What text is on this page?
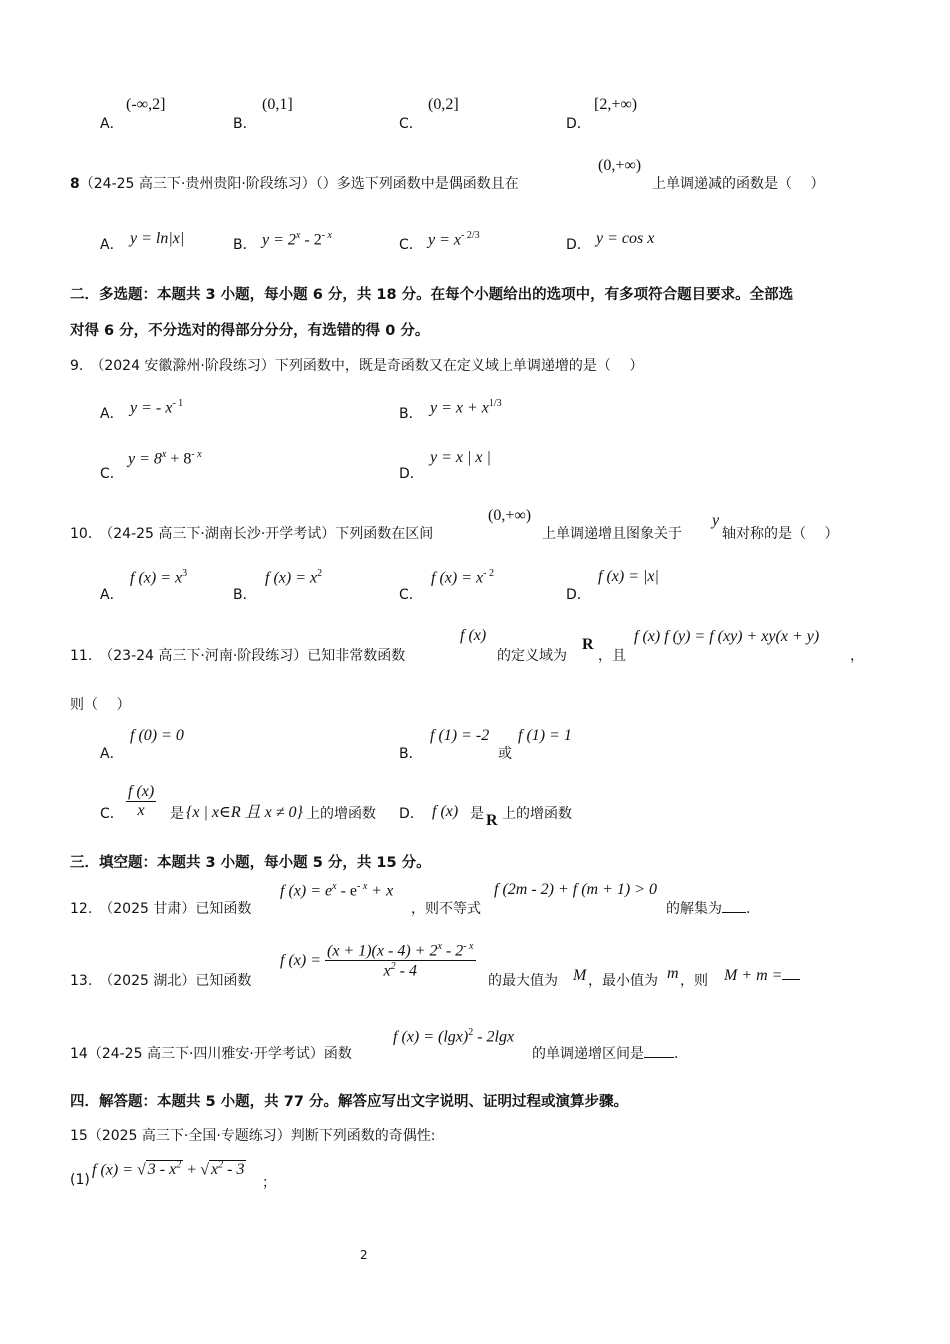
A．
(-∞,2]
B．
(0,1]
C．
(0,2]
D．
[2,+∞)
8（24-25 高三下·贵州贵阳·阶段练习）（）多选下列函数中是偶函数且在
(0,+∞)
上单调递减的函数是（　 ）
A． y = ln|x|	B． $y = 2^x - 2^{- x}$
C． $y = x^{- 2/3}$
D． y = cos x
二．多选题：本题共 3 小题，每小题 6 分，共 18 分。在每个小题给出的选项中，有多项符合题目要求。全部选
对得 6 分，不分选对的得部分分分，有选错的得 0 分。
9.　（2024 安徽滁州·阶段练习）下列函数中，既是奇函数又在定义域上单调递增的是（　 ）
A． y = - $x^{- 1}$
B． $y = x + x^{1/3}$
C．
$y = 8^x + 8^{- x}$
D．
y = x | x |
10.　（24-25 高三下·湖南长沙·开学考试）下列函数在区间
(0,+∞)
上单调递增且图象关于
y
轴对称的是（　 ）
A．
f $(x) = x^3$
B．
f $(x) = x^2$
C．
f $(x) = x^{- 2}$
D．
f (x) = |x|
11.　（23-24 高三下·河南·阶段练习）已知非常数函数
f (x)
的定义域为
R
，且
f (x) f (y) = f (xy) + xy(x + y)
，
则（　 ）
A．
f (0) = 0
B．
f (1) = -2
或
f (1) = 1
C． $\frac{f (x)}{x}$ 是 {x | x∈R 且 x ≠ 0} 上的增函数 D． f (x) 是 R 上的增函数
三．填空题：本题共 3 小题，每小题 5 分，共 15 分。
12.　（2025 甘肃）已知函数
f $(x) = e^x - e^{- x} + x$
，则不等式
f (2m - 2) + f (m + 1) > 0
的解集为 .
13.　（2025 湖北）已知函数
f $(x) = \frac{(x + 1)(x - 4) + 2^x - 2^{- x}}{x^2 - 4}$
的最大值为 M ，最小值为 m ，则 M + m =
14（24-25 高三下·四川雅安·开学考试）函数
f $(x) = (\lg x)^2 - 2\lg x$
的单调递增区间是 .
四．解答题：本题共 5 小题，共 77 分。解答应写出文字说明、证明过程或演算步骤。
15（2025 高三下·全国·专题练习）判断下列函数的奇偶性:
(1)
f (x) = √ $3 - x^2$ + √ $x^2 - 3$
；
2
